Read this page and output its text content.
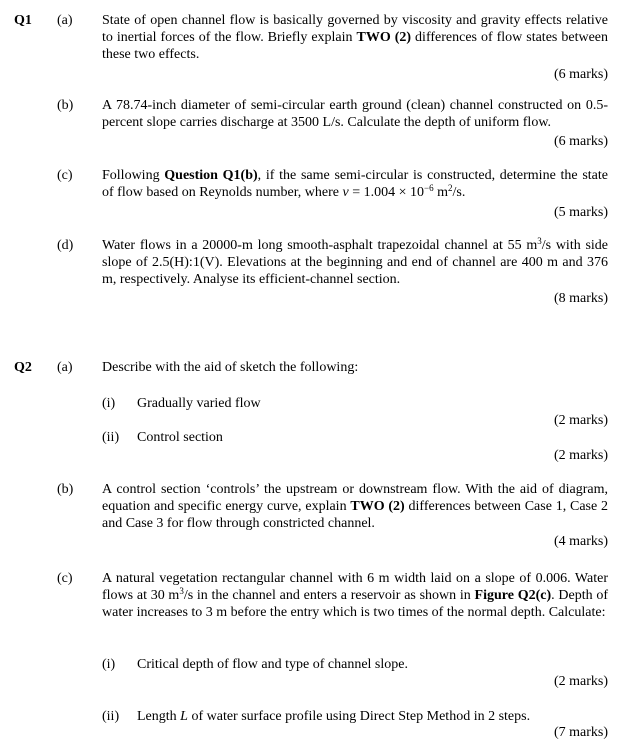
Q1 (a) State of open channel flow is basically governed by viscosity and gravity effects relative to inertial forces of the flow. Briefly explain TWO (2) differences of flow states between these two effects.
(6 marks)
(b) A 78.74-inch diameter of semi-circular earth ground (clean) channel constructed on 0.5-percent slope carries discharge at 3500 L/s. Calculate the depth of uniform flow.
(6 marks)
(c) Following Question Q1(b), if the same semi-circular is constructed, determine the state of flow based on Reynolds number, where $\nu = 1.004 \times 10^{-6}$ $m^2/s$.
(5 marks)
(d) Water flows in a 20000-m long smooth-asphalt trapezoidal channel at 55 $m^3/s$ with side slope of 2.5(H):1(V). Elevations at the beginning and end of channel are 400 m and 376 m, respectively. Analyse its efficient-channel section.
(8 marks)
Q2 (a) Describe with the aid of sketch the following:
(i) Gradually varied flow
(2 marks)
(ii) Control section
(2 marks)
(b) A control section ‘controls’ the upstream or downstream flow. With the aid of diagram, equation and specific energy curve, explain TWO (2) differences between Case 1, Case 2 and Case 3 for flow through constricted channel.
(4 marks)
(c) A natural vegetation rectangular channel with 6 m width laid on a slope of 0.006. Water flows at 30 $m^3/s$ in the channel and enters a reservoir as shown in Figure Q2(c). Depth of water increases to 3 m before the entry which is two times of the normal depth. Calculate:
(i) Critical depth of flow and type of channel slope.
(2 marks)
(ii) Length L of water surface profile using Direct Step Method in 2 steps.
(7 marks)
